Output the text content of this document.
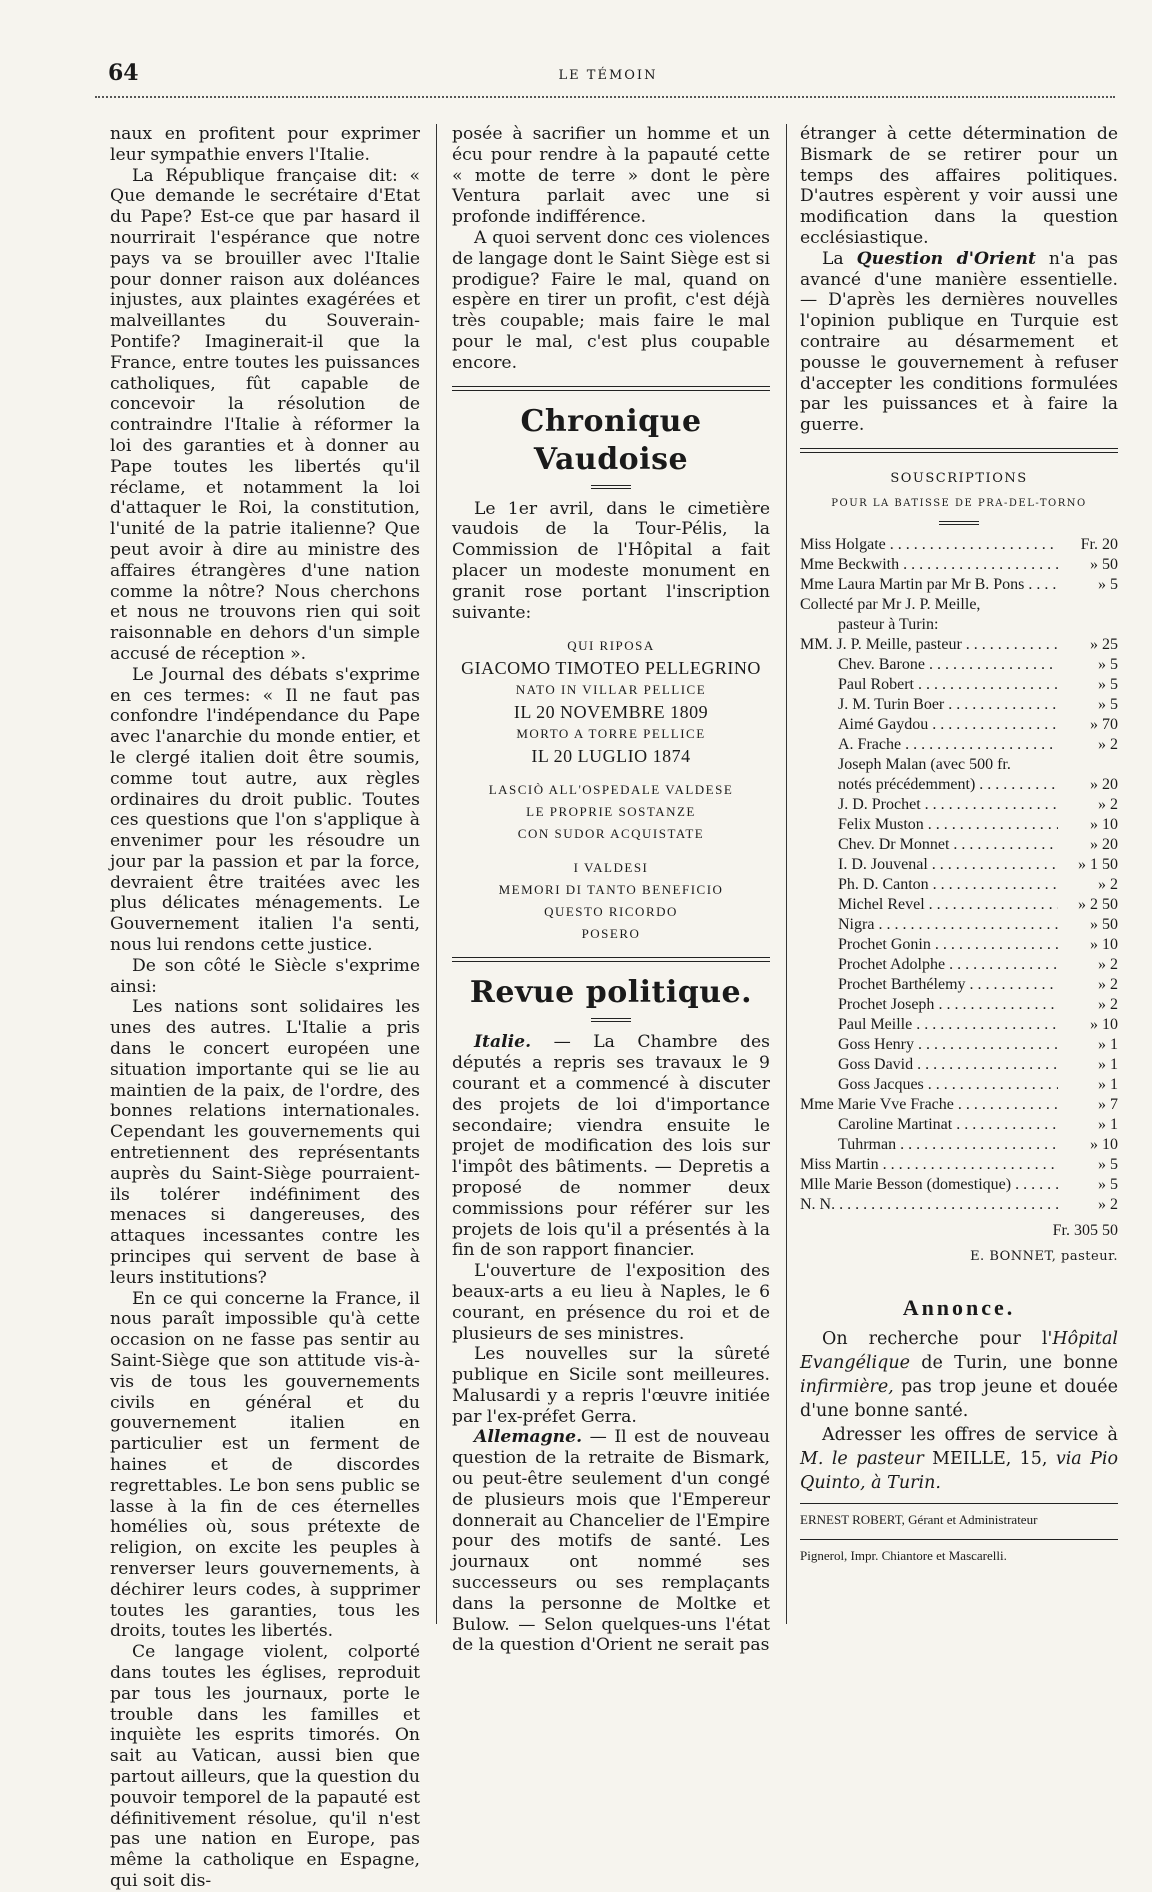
64	LE TÉMOIN

naux en profitent pour exprimer leur sympathie envers l'Italie.

La République française dit: « Que demande le secrétaire d'Etat du Pape? Est-ce que par hasard il nourrirait l'espérance que notre pays va se brouiller avec l'Italie pour donner raison aux doléances injustes, aux plaintes exagérées et malveillantes du Souverain-Pontife? Imaginerait-il que la France, entre toutes les puissances catholiques, fût capable de concevoir la résolution de contraindre l'Italie à réformer la loi des garanties et à donner au Pape toutes les libertés qu'il réclame, et notamment la loi d'attaquer le Roi, la constitution, l'unité de la patrie italienne? Que peut avoir à dire au ministre des affaires étrangères d'une nation comme la nôtre? Nous cherchons et nous ne trouvons rien qui soit raisonnable en dehors d'un simple accusé de réception ».

Le Journal des débats s'exprime en ces termes: « Il ne faut pas confondre l'indépendance du Pape avec l'anarchie du monde entier, et le clergé italien doit être soumis, comme tout autre, aux règles ordinaires du droit public. Toutes ces questions que l'on s'applique à envenimer pour les résoudre un jour par la passion et par la force, devraient être traitées avec les plus délicates ménagements. Le Gouvernement italien l'a senti, nous lui rendons cette justice.

De son côté le Siècle s'exprime ainsi:

Les nations sont solidaires les unes des autres. L'Italie a pris dans le concert européen une situation importante qui se lie au maintien de la paix, de l'ordre, des bonnes relations internationales. Cependant les gouvernements qui entretiennent des représentants auprès du Saint-Siège pourraient-ils tolérer indéfiniment des menaces si dangereuses, des attaques incessantes contre les principes qui servent de base à leurs institutions?

En ce qui concerne la France, il nous paraît impossible qu'à cette occasion on ne fasse pas sentir au Saint-Siège que son attitude vis-à-vis de tous les gouvernements civils en général et du gouvernement italien en particulier est un ferment de haines et de discordes regrettables. Le bon sens public se lasse à la fin de ces éternelles homélies où, sous prétexte de religion, on excite les peuples à renverser leurs gouvernements, à déchirer leurs codes, à supprimer toutes les garanties, tous les droits, toutes les libertés.

Ce langage violent, colporté dans toutes les églises, reproduit par tous les journaux, porte le trouble dans les familles et inquiète les esprits timorés. On sait au Vatican, aussi bien que partout ailleurs, que la question du pouvoir temporel de la papauté est définitivement résolue, qu'il n'est pas une nation en Europe, pas même la catholique en Espagne, qui soit dis-

posée à sacrifier un homme et un écu pour rendre à la papauté cette « motte de terre » dont le père Ventura parlait avec une si profonde indifférence.

A quoi servent donc ces violences de langage dont le Saint Siège est si prodigue? Faire le mal, quand on espère en tirer un profit, c'est déjà très coupable; mais faire le mal pour le mal, c'est plus coupable encore.

Chronique Vaudoise

Le 1er avril, dans le cimetière vaudois de la Tour-Pélis, la Commission de l'Hôpital a fait placer un modeste monument en granit rose portant l'inscription suivante:

QUI RIPOSA
GIACOMO TIMOTEO PELLEGRINO
NATO IN VILLAR PELLICE
IL 20 NOVEMBRE 1809
MORTO A TORRE PELLICE
IL 20 LUGLIO 1874
LASCIÒ ALL'OSPEDALE VALDESE
LE PROPRIE SOSTANZE
CON SUDOR ACQUISTATE
I VALDESI
MEMORI DI TANTO BENEFICIO
QUESTO RICORDO
POSERO
Revue politique.

Italie. — La Chambre des députés a repris ses travaux le 9 courant et a commencé à discuter des projets de loi d'importance secondaire; viendra ensuite le projet de modification des lois sur l'impôt des bâtiments. — Depretis a proposé de nommer deux commissions pour référer sur les projets de lois qu'il a présentés à la fin de son rapport financier.

L'ouverture de l'exposition des beaux-arts a eu lieu à Naples, le 6 courant, en présence du roi et de plusieurs de ses ministres.

Les nouvelles sur la sûreté publique en Sicile sont meilleures. Malusardi y a repris l'œuvre initiée par l'ex-préfet Gerra.

Allemagne. — Il est de nouveau question de la retraite de Bismark, ou peut-être seulement d'un congé de plusieurs mois que l'Empereur donnerait au Chancelier de l'Empire pour des motifs de santé. Les journaux ont nommé ses successeurs ou ses remplaçants dans la personne de Moltke et Bulow. — Selon quelques-uns l'état de la question d'Orient ne serait pas

étranger à cette détermination de Bismark de se retirer pour un temps des affaires politiques. D'autres espèrent y voir aussi une modification dans la question ecclésiastique.

La Question d'Orient n'a pas avancé d'une manière essentielle. — D'après les dernières nouvelles l'opinion publique en Turquie est contraire au désarmement et pousse le gouvernement à refuser d'accepter les conditions formulées par les puissances et à faire la guerre.

SOUSCRIPTIONS
POUR LA BATISSE DE PRA-DEL-TORNO
Miss Holgate . . .	Fr. 20
Mme Beckwith . . .	» 50
Mme Laura Martin par Mr B. Pons . . .	» 5
Collecté par Mr J. P. Meille,
pasteur à Turin:
MM. J. P. Meille, pasteur . . .	» 25
Chev. Barone . . .	» 5
Paul Robert . . .	» 5
J. M. Turin Boer . . .	» 5
Aimé Gaydou . . .	» 70
A. Frache . . .	» 2
Joseph Malan (avec 500 fr.
notés précédemment) . . .	» 20
J. D. Prochet . . .	» 2
Felix Muston . . .	» 10
Chev. Dr Monnet . . .	» 20
I. D. Jouvenal . . .	» 1 50
Ph. D. Canton . . .	» 2
Michel Revel . . .	» 2 50
Nigra . . .	» 50
Prochet Gonin . . .	» 10
Prochet Adolphe . . .	» 2
Prochet Barthélemy . . .	» 2
Prochet Joseph . . .	» 2
Paul Meille . . .	» 10
Goss Henry . . .	» 1
Goss David . . .	» 1
Goss Jacques . . .	» 1
Mme Marie Vve Frache . . .	» 7
Caroline Martinat . . .	» 1
Tuhrman . . .	» 10
Miss Martin . . .	» 5
Mlle Marie Besson (domestique) . . .	» 5
N. N. . . .	» 2
Fr. 305 50
E. BONNET, pasteur.
Annonce.

On recherche pour l'Hôpital Evangélique de Turin, une bonne infirmière, pas trop jeune et douée d'une bonne santé.

Adresser les offres de service à M. le pasteur MEILLE, 15, via Pio Quinto, à Turin.

ERNEST ROBERT, Gérant et Administrateur
Pignerol, Impr. Chiantore et Mascarelli.
